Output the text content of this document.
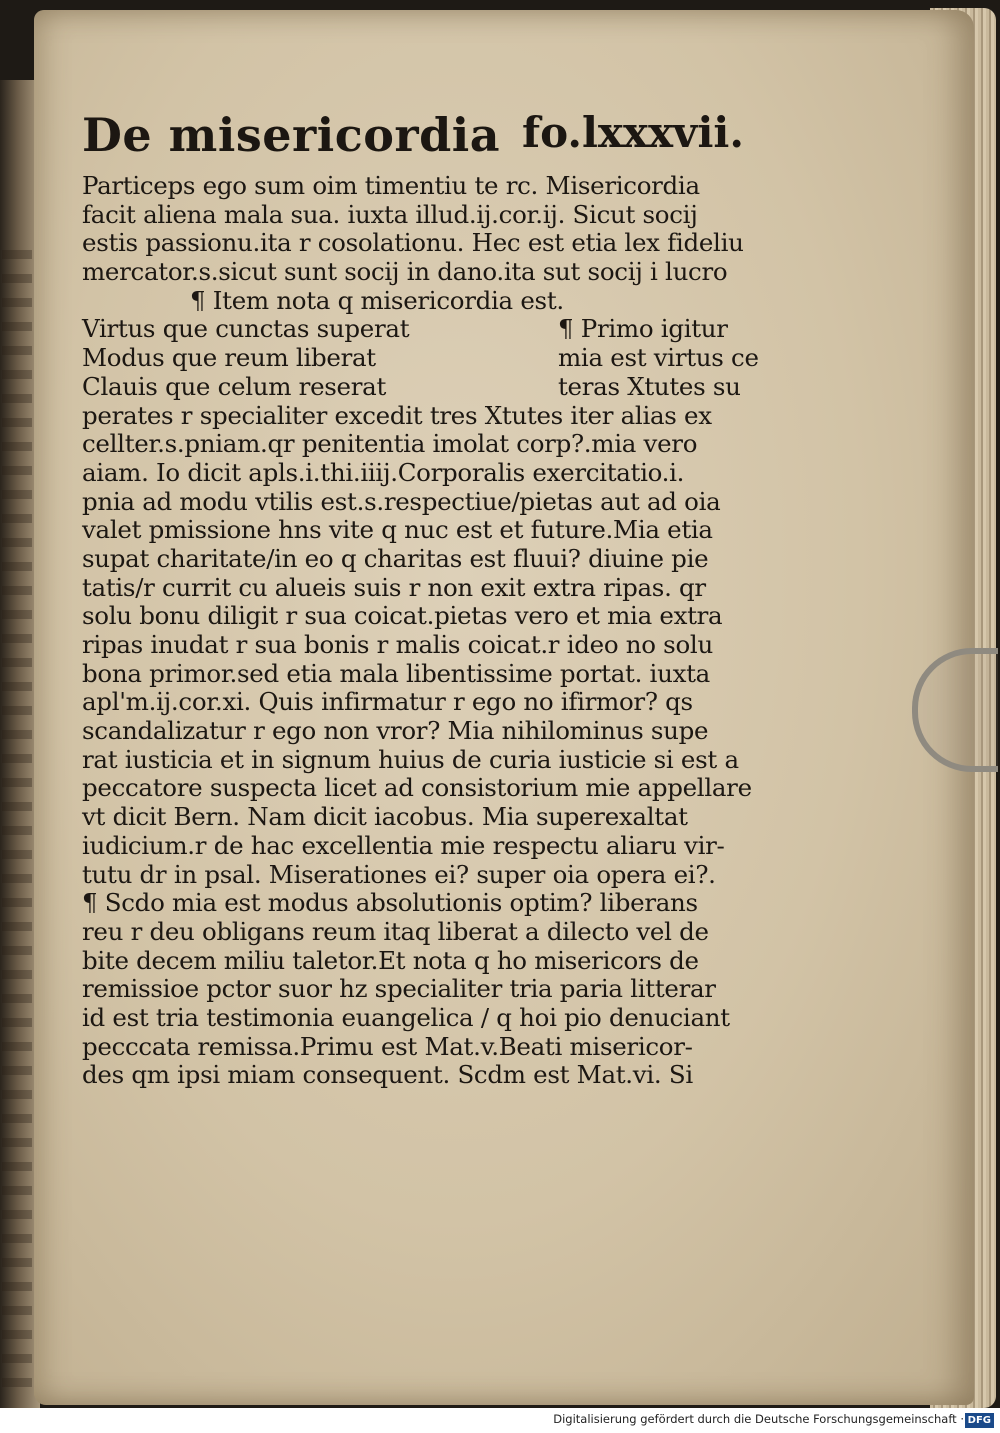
De misericordia fo.lxxxvii.
Particeps ego sum oim timentiu te rc. Misericordia
facit aliena mala sua. iuxta illud.ij.cor.ij. Sicut socij
estis passionu.ita r cosolationu. Hec est etia lex fideliu
mercator.s.sicut sunt socij in dano.ita sut socij i lucro
¶ Item nota q misericordia est.
Virtus que cunctas superat	¶ Primo igitur
Modus que reum liberat	mia est virtus ce
Clauis que celum reserat	teras Xtutes su
perates r specialiter excedit tres Xtutes iter alias ex
cellter.s.pniam.qr penitentia imolat corp?.mia vero
aiam. Io dicit apls.i.thi.iiij.Corporalis exercitatio.i.
pnia ad modu vtilis est.s.respectiue/pietas aut ad oia
valet pmissione hns vite q nuc est et future.Mia etia
supat charitate/in eo q charitas est fluui? diuine pie
tatis/r currit cu alueis suis r non exit extra ripas. qr
solu bonu diligit r sua coicat.pietas vero et mia extra
ripas inudat r sua bonis r malis coicat.r ideo no solu
bona primor.sed etia mala libentissime portat. iuxta
apl'm.ij.cor.xi. Quis infirmatur r ego no ifirmor? qs
scandalizatur r ego non vror? Mia nihilominus supe
rat iusticia et in signum huius de curia iusticie si est a
peccatore suspecta licet ad consistorium mie appellare
vt dicit Bern. Nam dicit iacobus. Mia superexaltat
iudicium.r de hac excellentia mie respectu aliaru vir-
tutu dr in psal. Miserationes ei? super oia opera ei?.
¶ Scdo mia est modus absolutionis optim? liberans
reu r deu obligans reum itaq liberat a dilecto vel de
bite decem miliu taletor.Et nota q ho misericors de
remissioe pctor suor hz specialiter tria paria litterar
id est tria testimonia euangelica / q hoi pio denuciant
pecccata remissa.Primu est Mat.v.Beati misericor-
des qm ipsi miam consequent. Scdm est Mat.vi. Si
Digitalisierung gefördert durch die Deutsche Forschungsgemeinschaft · DFG
